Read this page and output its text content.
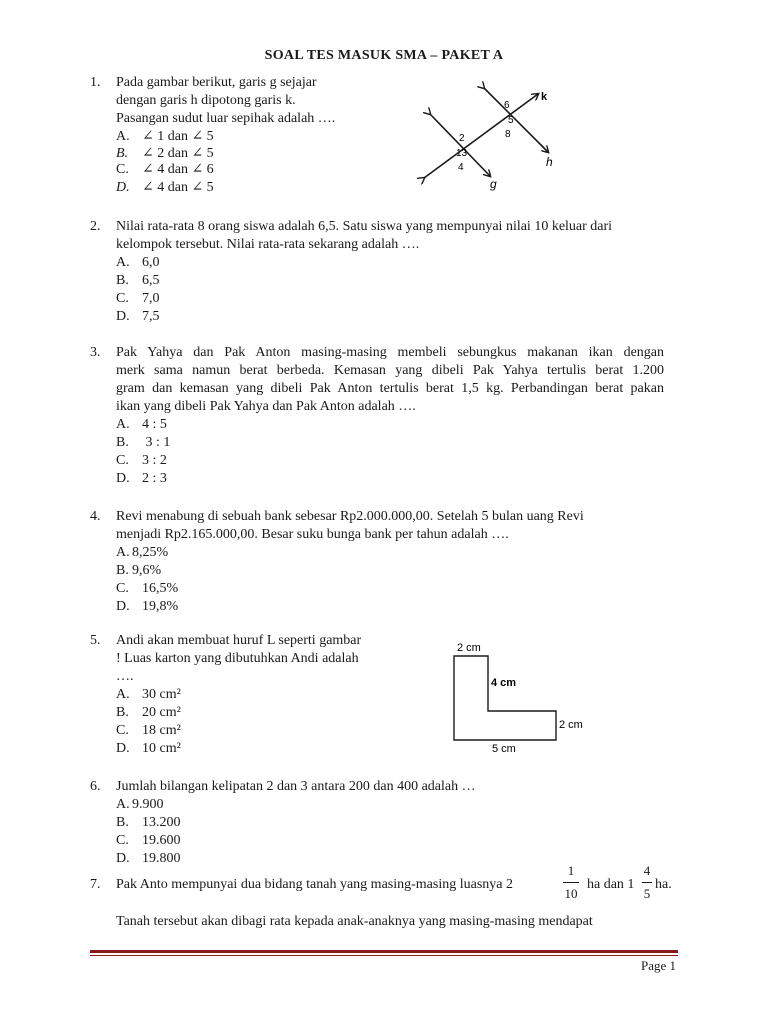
SOAL TES MASUK SMA – PAKET A
1.	Pada gambar berikut, garis g sejajar
dengan garis h dipotong garis k.
Pasangan sudut luar sepihak adalah ….
A. ∠ 1 dan ∠ 5
B. ∠ 2 dan ∠ 5
C. ∠ 4 dan ∠ 6
D. ∠ 4 dan ∠ 5
k
h
g
6
5
8
2
13
4
2.	Nilai rata-rata 8 orang siswa adalah 6,5. Satu siswa yang mempunyai nilai 10 keluar dari
kelompok tersebut. Nilai rata-rata sekarang adalah ….
A. 6,0
B. 6,5
C. 7,0
D. 7,5
3.	Pak Yahya dan Pak Anton masing-masing membeli sebungkus makanan ikan dengan
merk sama namun berat berbeda. Kemasan yang dibeli Pak Yahya tertulis berat 1.200
gram dan kemasan yang dibeli Pak Anton tertulis berat 1,5 kg. Perbandingan berat pakan
ikan yang dibeli Pak Yahya dan Pak Anton adalah ….
A. 4 : 5
B. 3 : 1
C. 3 : 2
D. 2 : 3
4.	Revi menabung di sebuah bank sebesar Rp2.000.000,00. Setelah 5 bulan uang Revi
menjadi Rp2.165.000,00. Besar suku bunga bank per tahun adalah ….
A. 8,25%
B. 9,6%
C. 16,5%
D. 19,8%
5.	Andi akan membuat huruf L seperti gambar
! Luas karton yang dibutuhkan Andi adalah
….
A. 30 cm²
B. 20 cm²
C. 18 cm²
D. 10 cm²
2 cm
4 cm
2 cm
5 cm
6.	Jumlah bilangan kelipatan 2 dan 3 antara 200 dan 400 adalah …
A. 9.900
B. 13.200
C. 19.600
D. 19.800
7.	Pak Anto mempunyai dua bidang tanah yang masing-masing luasnya 2
1
10
ha dan 1
4
5
ha.
Tanah tersebut akan dibagi rata kepada anak-anaknya yang masing-masing mendapat
Page 1
